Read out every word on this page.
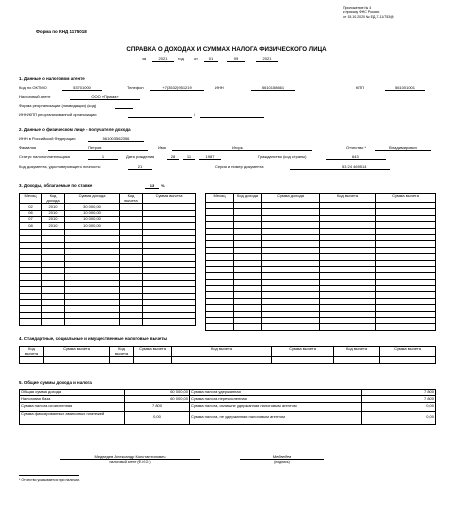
Приложение № 4
к приказу ФНС России
от 15.10.2020 № ЕД-7-11/753@
Форма по КНД 1175018
СПРАВКА О ДОХОДАХ И СУММАХ НАЛОГА ФИЗИЧЕСКОГО ЛИЦА
за	2021	год	от	01	09	2021
1. Данные о налоговом агенте
Код по ОКТМО	53701000	Телефон	+7(3532)951219	ИНН	5610158661	КПП	561001001
Налоговый агент	ООО «Прима»
Форма реорганизации (ликвидации) (код)
ИНН/КПП реорганизованной организации	/
2. Данные о физическом лице - получателе дохода
ИНН в Российской Федерации	561003562356
Фамилия	Петров	Имя	Игорь	Отчество *	Владимирович
Статус налогоплательщика	1	Дата рождения	28	11	1987	Гражданство (код страны)	643
Код документа, удостоверяющего личность:	21	Серия и номер документа	53 24 469514
3. Доходы, облагаемые по ставке	13	%
Месяц	Код дохода	Сумма дохода	Код вычета	Сумма вычета
02	2010	30 000,00		
06	2010	10 000,00		
07	2010	10 000,00		
08	2010	10 000,00		

Месяц	Код дохода	Сумма дохода	Код вычета	Сумма вычета

4. Стандартные, социальные и имущественные налоговые вычеты
Код вычета	Сумма вычета	Код вычета	Сумма вычета	Код вычета	Сумма вычета	Код вычета	Сумма вычета

5. Общие суммы дохода и налога
Общая сумма дохода	60 000,00	Сумма налога удержанная	7 800
Налоговая база	60 000,00	Сумма налога перечисленная	7 800
Сумма налога исчисленная	7 800	Сумма налога, излишне удержанная налоговым агентом	0,00
Сумма фиксированных авансовых платежей	0,00	Сумма налога, не удержанная налоговым агентом	0,00
Медведев Александр Константинович
налоговый агент (Ф.И.О.)
Медведев
(подпись)
* Отчество указывается при наличии.
